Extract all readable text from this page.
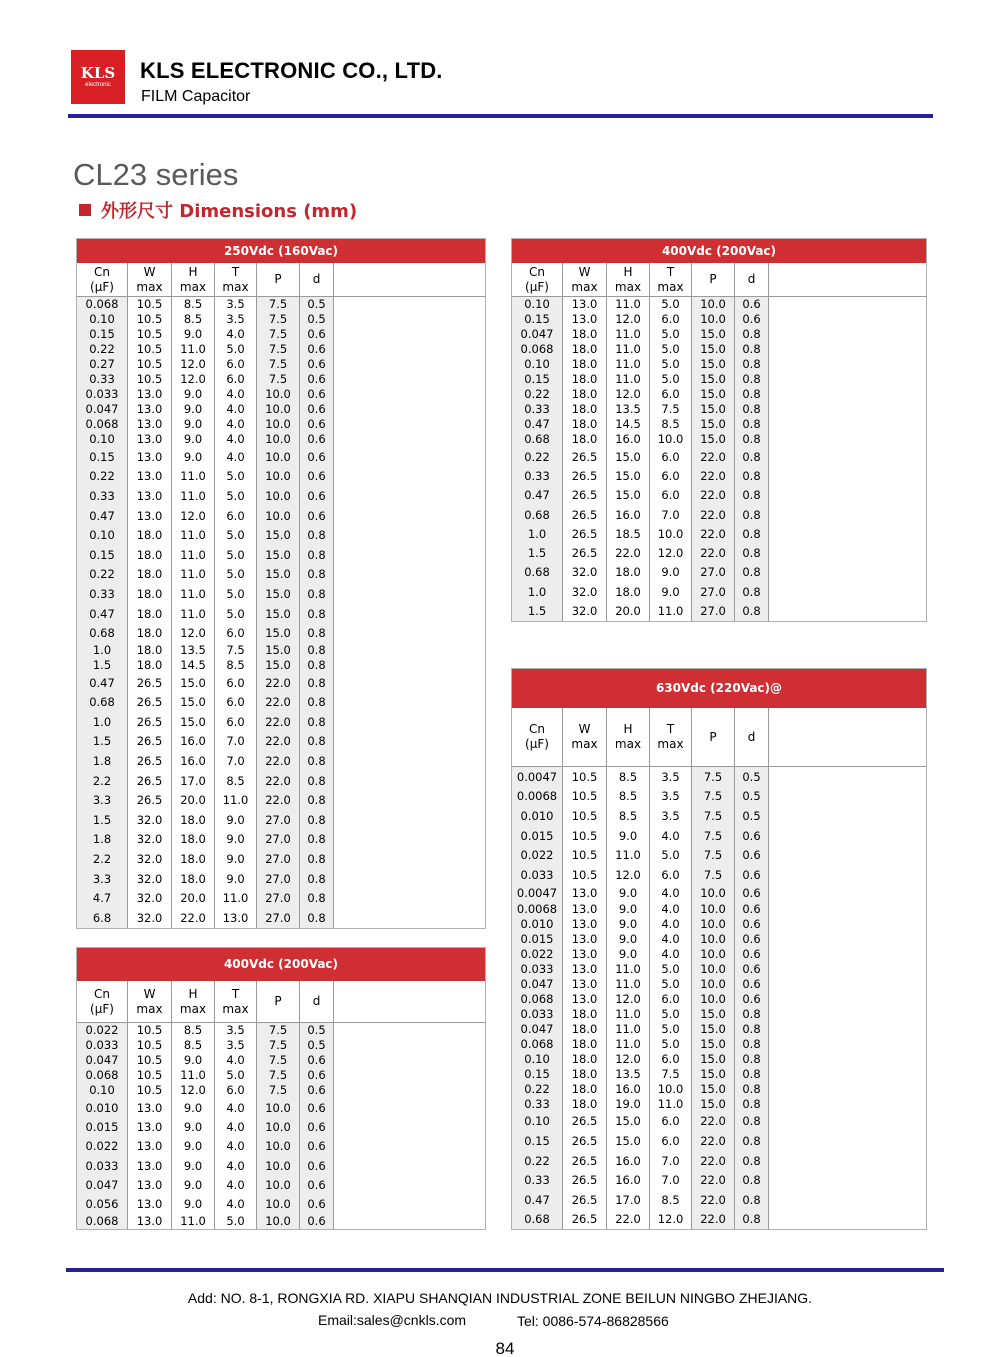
KLS
electronic
KLS ELECTRONIC CO., LTD.
FILM Capacitor
CL23 series
外形尺寸 Dimensions (mm)
250Vdc (160Vac)
Cn
(μF)
W
max
H
max
T
max
P	d
0.068	10.5	8.5	3.5	7.5	0.5
0.10	10.5	8.5	3.5	7.5	0.5
0.15	10.5	9.0	4.0	7.5	0.6
0.22	10.5	11.0	5.0	7.5	0.6
0.27	10.5	12.0	6.0	7.5	0.6
0.33	10.5	12.0	6.0	7.5	0.6
0.033	13.0	9.0	4.0	10.0	0.6
0.047	13.0	9.0	4.0	10.0	0.6
0.068	13.0	9.0	4.0	10.0	0.6
0.10	13.0	9.0	4.0	10.0	0.6
0.15	13.0	9.0	4.0	10.0	0.6
0.22	13.0	11.0	5.0	10.0	0.6
0.33	13.0	11.0	5.0	10.0	0.6
0.47	13.0	12.0	6.0	10.0	0.6
0.10	18.0	11.0	5.0	15.0	0.8
0.15	18.0	11.0	5.0	15.0	0.8
0.22	18.0	11.0	5.0	15.0	0.8
0.33	18.0	11.0	5.0	15.0	0.8
0.47	18.0	11.0	5.0	15.0	0.8
0.68	18.0	12.0	6.0	15.0	0.8
1.0	18.0	13.5	7.5	15.0	0.8
1.5	18.0	14.5	8.5	15.0	0.8
0.47	26.5	15.0	6.0	22.0	0.8
0.68	26.5	15.0	6.0	22.0	0.8
1.0	26.5	15.0	6.0	22.0	0.8
1.5	26.5	16.0	7.0	22.0	0.8
1.8	26.5	16.0	7.0	22.0	0.8
2.2	26.5	17.0	8.5	22.0	0.8
3.3	26.5	20.0	11.0	22.0	0.8
1.5	32.0	18.0	9.0	27.0	0.8
1.8	32.0	18.0	9.0	27.0	0.8
2.2	32.0	18.0	9.0	27.0	0.8
3.3	32.0	18.0	9.0	27.0	0.8
4.7	32.0	20.0	11.0	27.0	0.8
6.8	32.0	22.0	13.0	27.0	0.8
400Vdc (200Vac)
Cn
(μF)
W
max
H
max
T
max
P	d
0.022	10.5	8.5	3.5	7.5	0.5
0.033	10.5	8.5	3.5	7.5	0.5
0.047	10.5	9.0	4.0	7.5	0.6
0.068	10.5	11.0	5.0	7.5	0.6
0.10	10.5	12.0	6.0	7.5	0.6
0.010	13.0	9.0	4.0	10.0	0.6
0.015	13.0	9.0	4.0	10.0	0.6
0.022	13.0	9.0	4.0	10.0	0.6
0.033	13.0	9.0	4.0	10.0	0.6
0.047	13.0	9.0	4.0	10.0	0.6
0.056	13.0	9.0	4.0	10.0	0.6
0.068	13.0	11.0	5.0	10.0	0.6
400Vdc (200Vac)
Cn
(μF)
W
max
H
max
T
max
P	d
0.10	13.0	11.0	5.0	10.0	0.6
0.15	13.0	12.0	6.0	10.0	0.6
0.047	18.0	11.0	5.0	15.0	0.8
0.068	18.0	11.0	5.0	15.0	0.8
0.10	18.0	11.0	5.0	15.0	0.8
0.15	18.0	11.0	5.0	15.0	0.8
0.22	18.0	12.0	6.0	15.0	0.8
0.33	18.0	13.5	7.5	15.0	0.8
0.47	18.0	14.5	8.5	15.0	0.8
0.68	18.0	16.0	10.0	15.0	0.8
0.22	26.5	15.0	6.0	22.0	0.8
0.33	26.5	15.0	6.0	22.0	0.8
0.47	26.5	15.0	6.0	22.0	0.8
0.68	26.5	16.0	7.0	22.0	0.8
1.0	26.5	18.5	10.0	22.0	0.8
1.5	26.5	22.0	12.0	22.0	0.8
0.68	32.0	18.0	9.0	27.0	0.8
1.0	32.0	18.0	9.0	27.0	0.8
1.5	32.0	20.0	11.0	27.0	0.8
630Vdc (220Vac)@
Cn
(μF)
W
max
H
max
T
max
P	d
0.0047	10.5	8.5	3.5	7.5	0.5
0.0068	10.5	8.5	3.5	7.5	0.5
0.010	10.5	8.5	3.5	7.5	0.5
0.015	10.5	9.0	4.0	7.5	0.6
0.022	10.5	11.0	5.0	7.5	0.6
0.033	10.5	12.0	6.0	7.5	0.6
0.0047	13.0	9.0	4.0	10.0	0.6
0.0068	13.0	9.0	4.0	10.0	0.6
0.010	13.0	9.0	4.0	10.0	0.6
0.015	13.0	9.0	4.0	10.0	0.6
0.022	13.0	9.0	4.0	10.0	0.6
0.033	13.0	11.0	5.0	10.0	0.6
0.047	13.0	11.0	5.0	10.0	0.6
0.068	13.0	12.0	6.0	10.0	0.6
0.033	18.0	11.0	5.0	15.0	0.8
0.047	18.0	11.0	5.0	15.0	0.8
0.068	18.0	11.0	5.0	15.0	0.8
0.10	18.0	12.0	6.0	15.0	0.8
0.15	18.0	13.5	7.5	15.0	0.8
0.22	18.0	16.0	10.0	15.0	0.8
0.33	18.0	19.0	11.0	15.0	0.8
0.10	26.5	15.0	6.0	22.0	0.8
0.15	26.5	15.0	6.0	22.0	0.8
0.22	26.5	16.0	7.0	22.0	0.8
0.33	26.5	16.0	7.0	22.0	0.8
0.47	26.5	17.0	8.5	22.0	0.8
0.68	26.5	22.0	12.0	22.0	0.8
Add: NO. 8-1, RONGXIA RD. XIAPU SHANQIAN INDUSTRIAL ZONE BEILUN NINGBO ZHEJIANG.
Email:sales@cnkls.com	Tel: 0086-574-86828566
84
